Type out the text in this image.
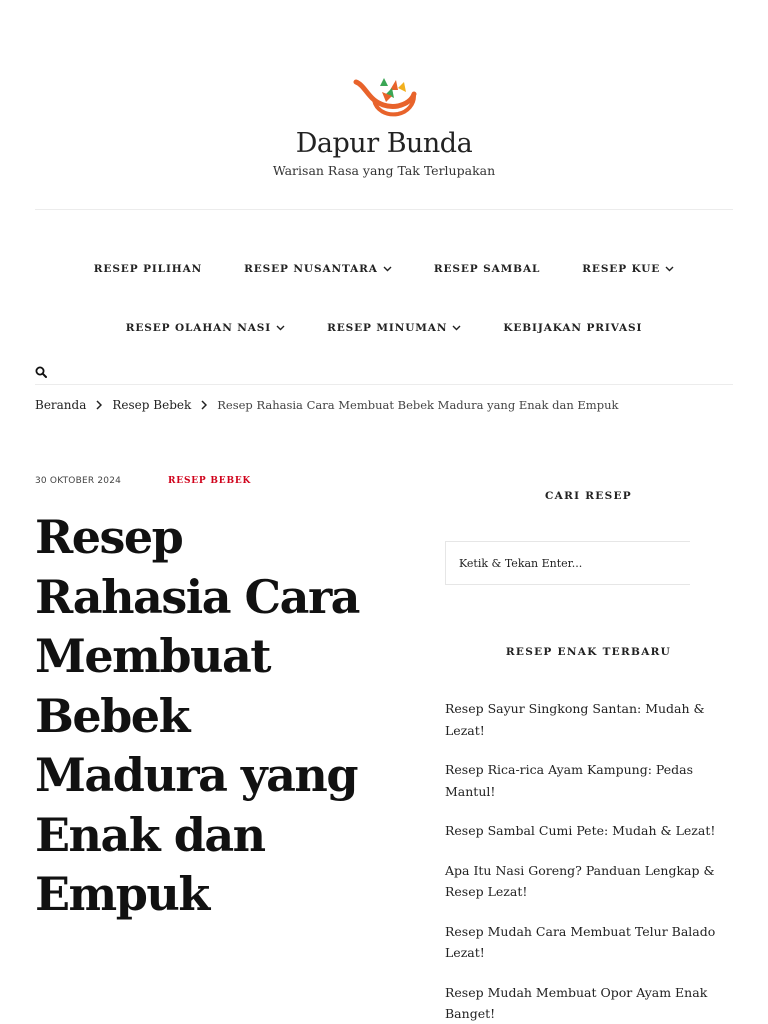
Dapur Bunda
Warisan Rasa yang Tak Terlupakan
RESEP PILIHAN	RESEP NUSANTARA	RESEP SAMBAL	RESEP KUE
RESEP OLAHAN NASI	RESEP MINUMAN	KEBIJAKAN PRIVASI
Beranda Resep Bebek Resep Rahasia Cara Membuat Bebek Madura yang Enak dan Empuk
30 OKTOBER 2024	RESEP BEBEK
Resep Rahasia Cara Membuat Bebek Madura yang Enak dan Empuk
CARI RESEP
Ketik & Tekan Enter...
RESEP ENAK TERBARU
Resep Sayur Singkong Santan: Mudah & Lezat!
Resep Rica-rica Ayam Kampung: Pedas Mantul!
Resep Sambal Cumi Pete: Mudah & Lezat!
Apa Itu Nasi Goreng? Panduan Lengkap & Resep Lezat!
Resep Mudah Cara Membuat Telur Balado Lezat!
Resep Mudah Membuat Opor Ayam Enak Banget!
